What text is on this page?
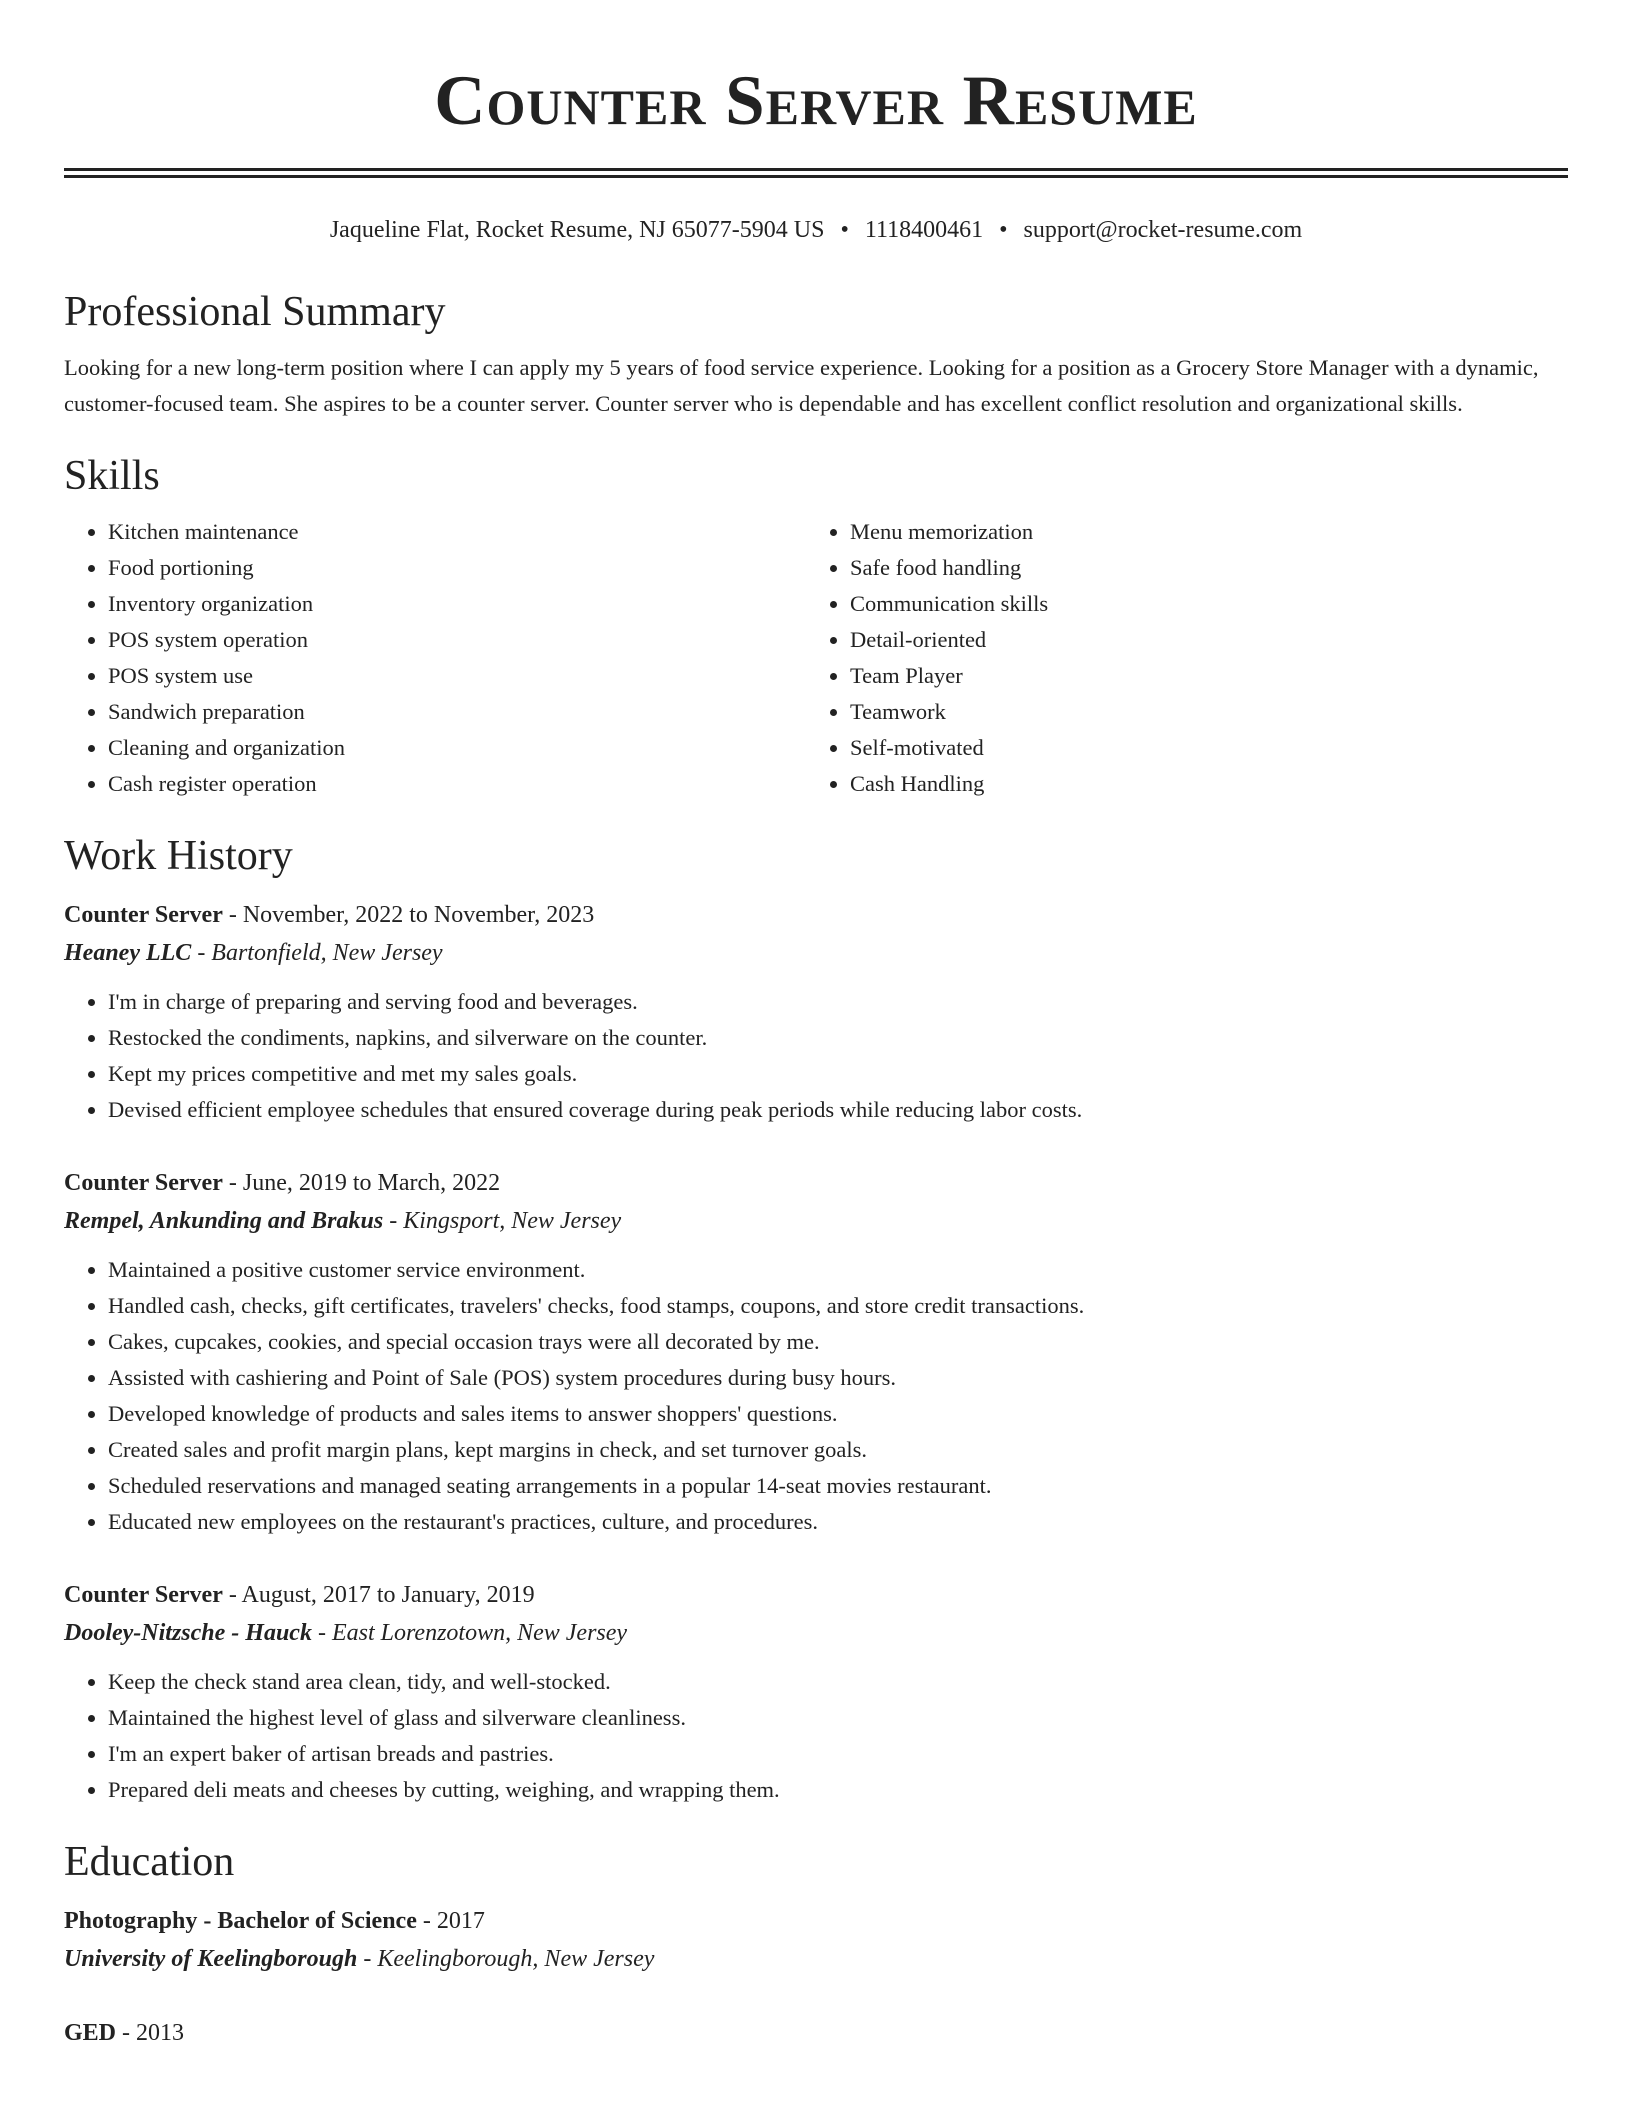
Counter Server Resume
Jaqueline Flat, Rocket Resume, NJ 65077-5904 US • 1118400461 • support@rocket-resume.com
Professional Summary
Looking for a new long-term position where I can apply my 5 years of food service experience. Looking for a position as a Grocery Store Manager with a dynamic, customer-focused team. She aspires to be a counter server. Counter server who is dependable and has excellent conflict resolution and organizational skills.
Skills
• Kitchen maintenance
• Food portioning
• Inventory organization
• POS system operation
• POS system use
• Sandwich preparation
• Cleaning and organization
• Cash register operation
• Menu memorization
• Safe food handling
• Communication skills
• Detail-oriented
• Team Player
• Teamwork
• Self-motivated
• Cash Handling
Work History
Counter Server - November, 2022 to November, 2023
Heaney LLC - Bartonfield, New Jersey
• I'm in charge of preparing and serving food and beverages.
• Restocked the condiments, napkins, and silverware on the counter.
• Kept my prices competitive and met my sales goals.
• Devised efficient employee schedules that ensured coverage during peak periods while reducing labor costs.
Counter Server - June, 2019 to March, 2022
Rempel, Ankunding and Brakus - Kingsport, New Jersey
• Maintained a positive customer service environment.
• Handled cash, checks, gift certificates, travelers' checks, food stamps, coupons, and store credit transactions.
• Cakes, cupcakes, cookies, and special occasion trays were all decorated by me.
• Assisted with cashiering and Point of Sale (POS) system procedures during busy hours.
• Developed knowledge of products and sales items to answer shoppers' questions.
• Created sales and profit margin plans, kept margins in check, and set turnover goals.
• Scheduled reservations and managed seating arrangements in a popular 14-seat movies restaurant.
• Educated new employees on the restaurant's practices, culture, and procedures.
Counter Server - August, 2017 to January, 2019
Dooley-Nitzsche - Hauck - East Lorenzotown, New Jersey
• Keep the check stand area clean, tidy, and well-stocked.
• Maintained the highest level of glass and silverware cleanliness.
• I'm an expert baker of artisan breads and pastries.
• Prepared deli meats and cheeses by cutting, weighing, and wrapping them.
Education
Photography - Bachelor of Science - 2017
University of Keelingborough - Keelingborough, New Jersey
GED - 2013
